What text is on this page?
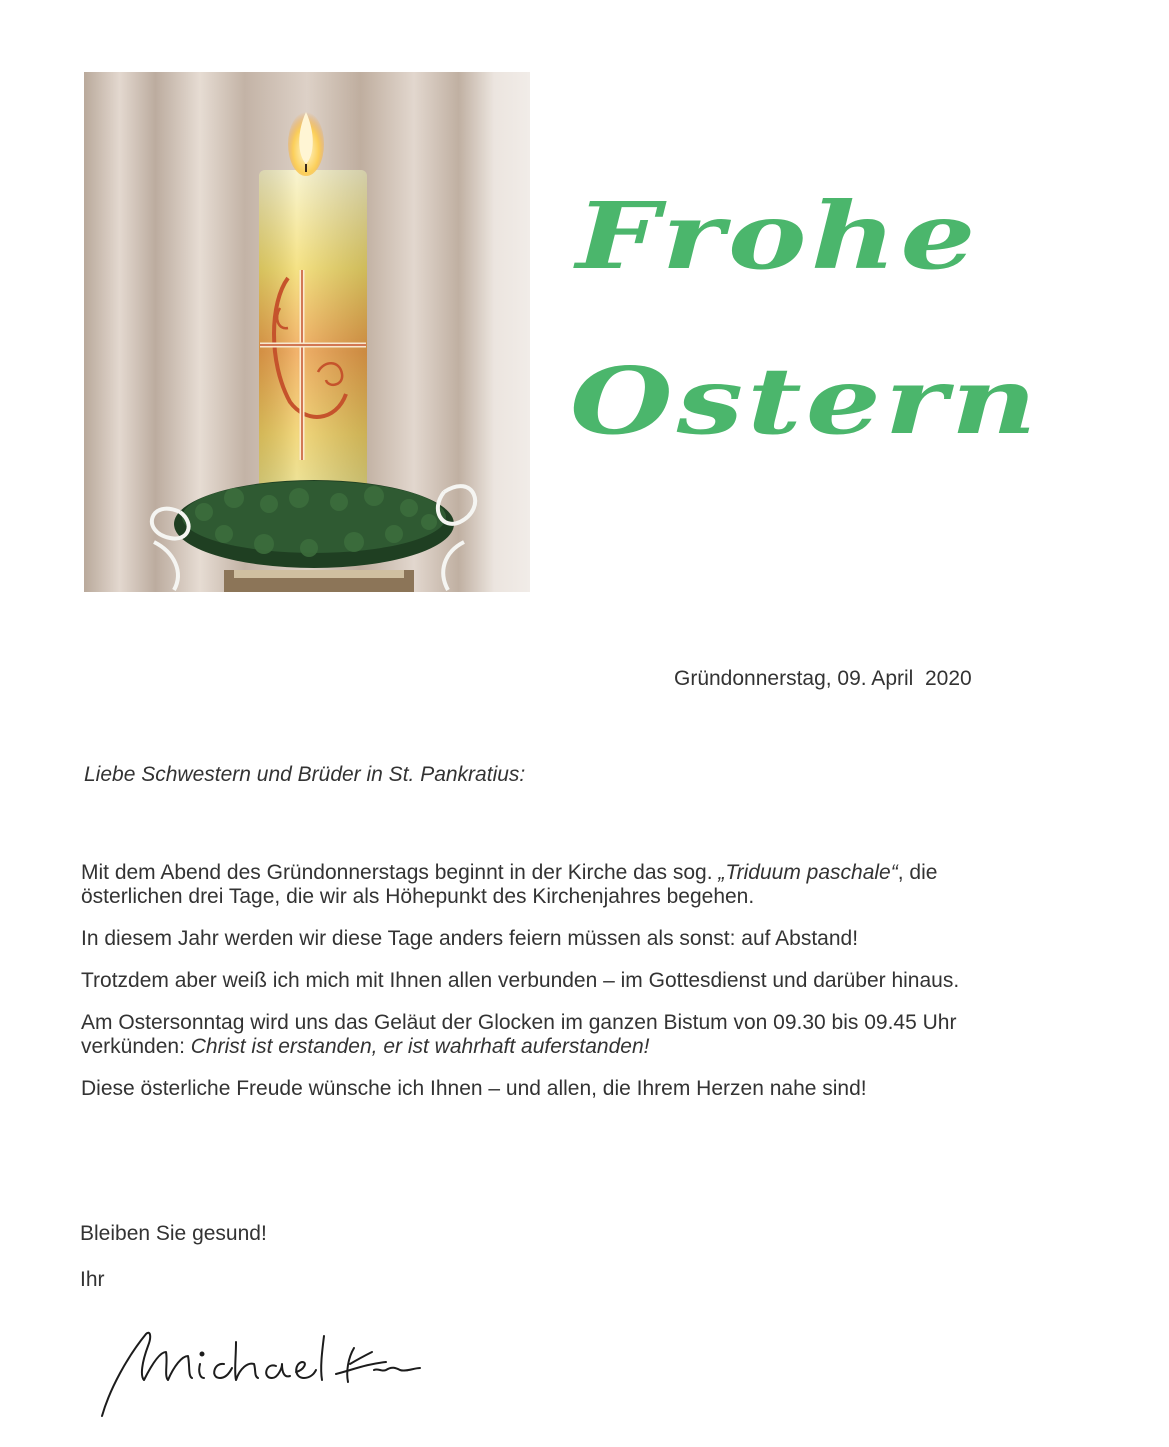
Frohe
Ostern
Gründonnerstag, 09. April  2020
Liebe Schwestern und Brüder in St. Pankratius:

Mit dem Abend des Gründonnerstags beginnt in der Kirche das sog. „Triduum paschale“, die österlichen drei Tage, die wir als Höhepunkt des Kirchenjahres begehen.

In diesem Jahr werden wir diese Tage anders feiern müssen als sonst: auf Abstand!

Trotzdem aber weiß ich mich mit Ihnen allen verbunden – im Gottesdienst und darüber hinaus.

Am Ostersonntag wird uns das Geläut der Glocken im ganzen Bistum von 09.30 bis 09.45 Uhr verkünden: Christ ist erstanden, er ist wahrhaft auferstanden!

Diese österliche Freude wünsche ich Ihnen – und allen, die Ihrem Herzen nahe sind!

Bleiben Sie gesund!
Ihr
